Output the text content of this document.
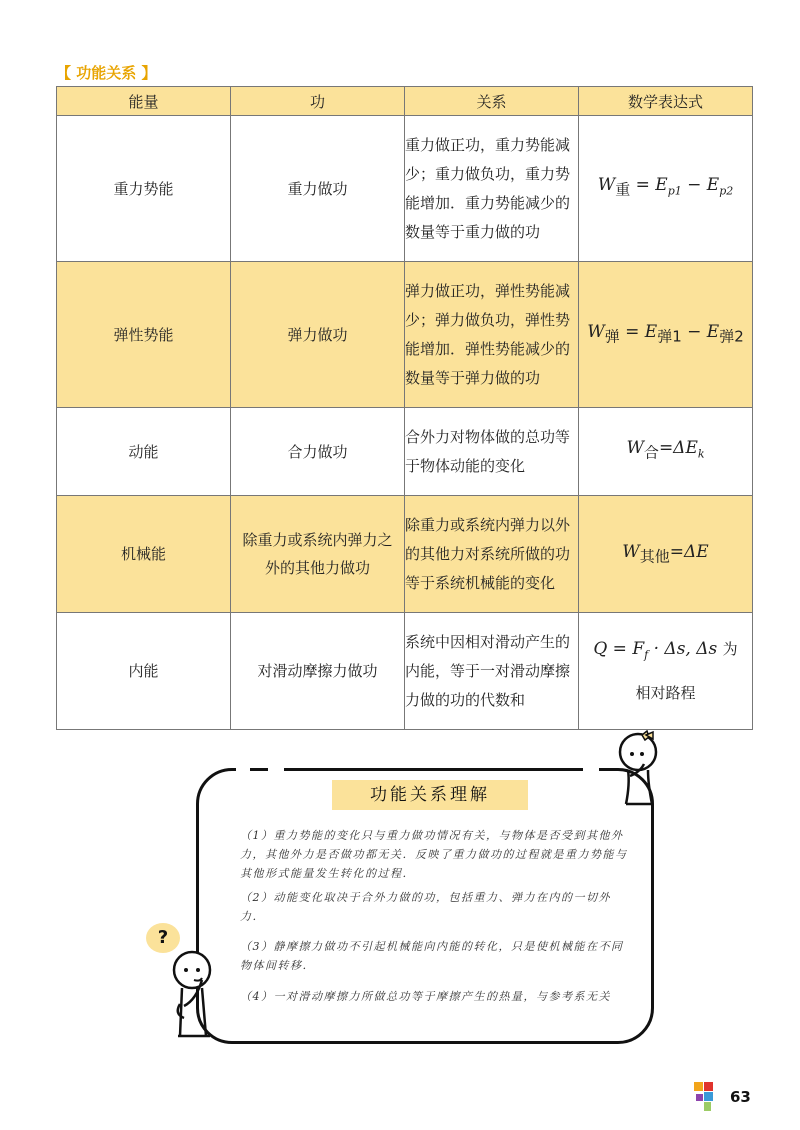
【 功能关系 】
能量	功	关系	数学表达式
重力势能	重力做功	重力做正功，重力势能减少；重力做负功，重力势能增加．重力势能减少的数量等于重力做的功	$W_重 = E_{p1} - E_{p2}$
弹性势能	弹力做功	弹力做正功，弹性势能减少；弹力做负功，弹性势能增加．弹性势能减少的数量等于弹力做的功	$W_弹 = E_{弹1} - E_{弹2}$
动能	合力做功	合外力对物体做的总功等于物体动能的变化	$W_合=\Delta E_k$
机械能	除重力或系统内弹力之外的其他力做功	除重力或系统内弹力以外的其他力对系统所做的功等于系统机械能的变化	$W_{其他}=\Delta E$
内能	对滑动摩擦力做功	系统中因相对滑动产生的内能，等于一对滑动摩擦力做的功的代数和	$Q = F_f \cdot \Delta s$, Δs 为相对路程
功能关系理解
（1）重力势能的变化只与重力做功情况有关，与物体是否受到其他外力，其他外力是否做功都无关．反映了重力做功的过程就是重力势能与其他形式能量发生转化的过程．
（2）动能变化取决于合外力做的功，包括重力、弹力在内的一切外力．
（3）静摩擦力做功不引起机械能向内能的转化，只是使机械能在不同物体间转移．
（4）一对滑动摩擦力所做总功等于摩擦产生的热量，与参考系无关
?
63
